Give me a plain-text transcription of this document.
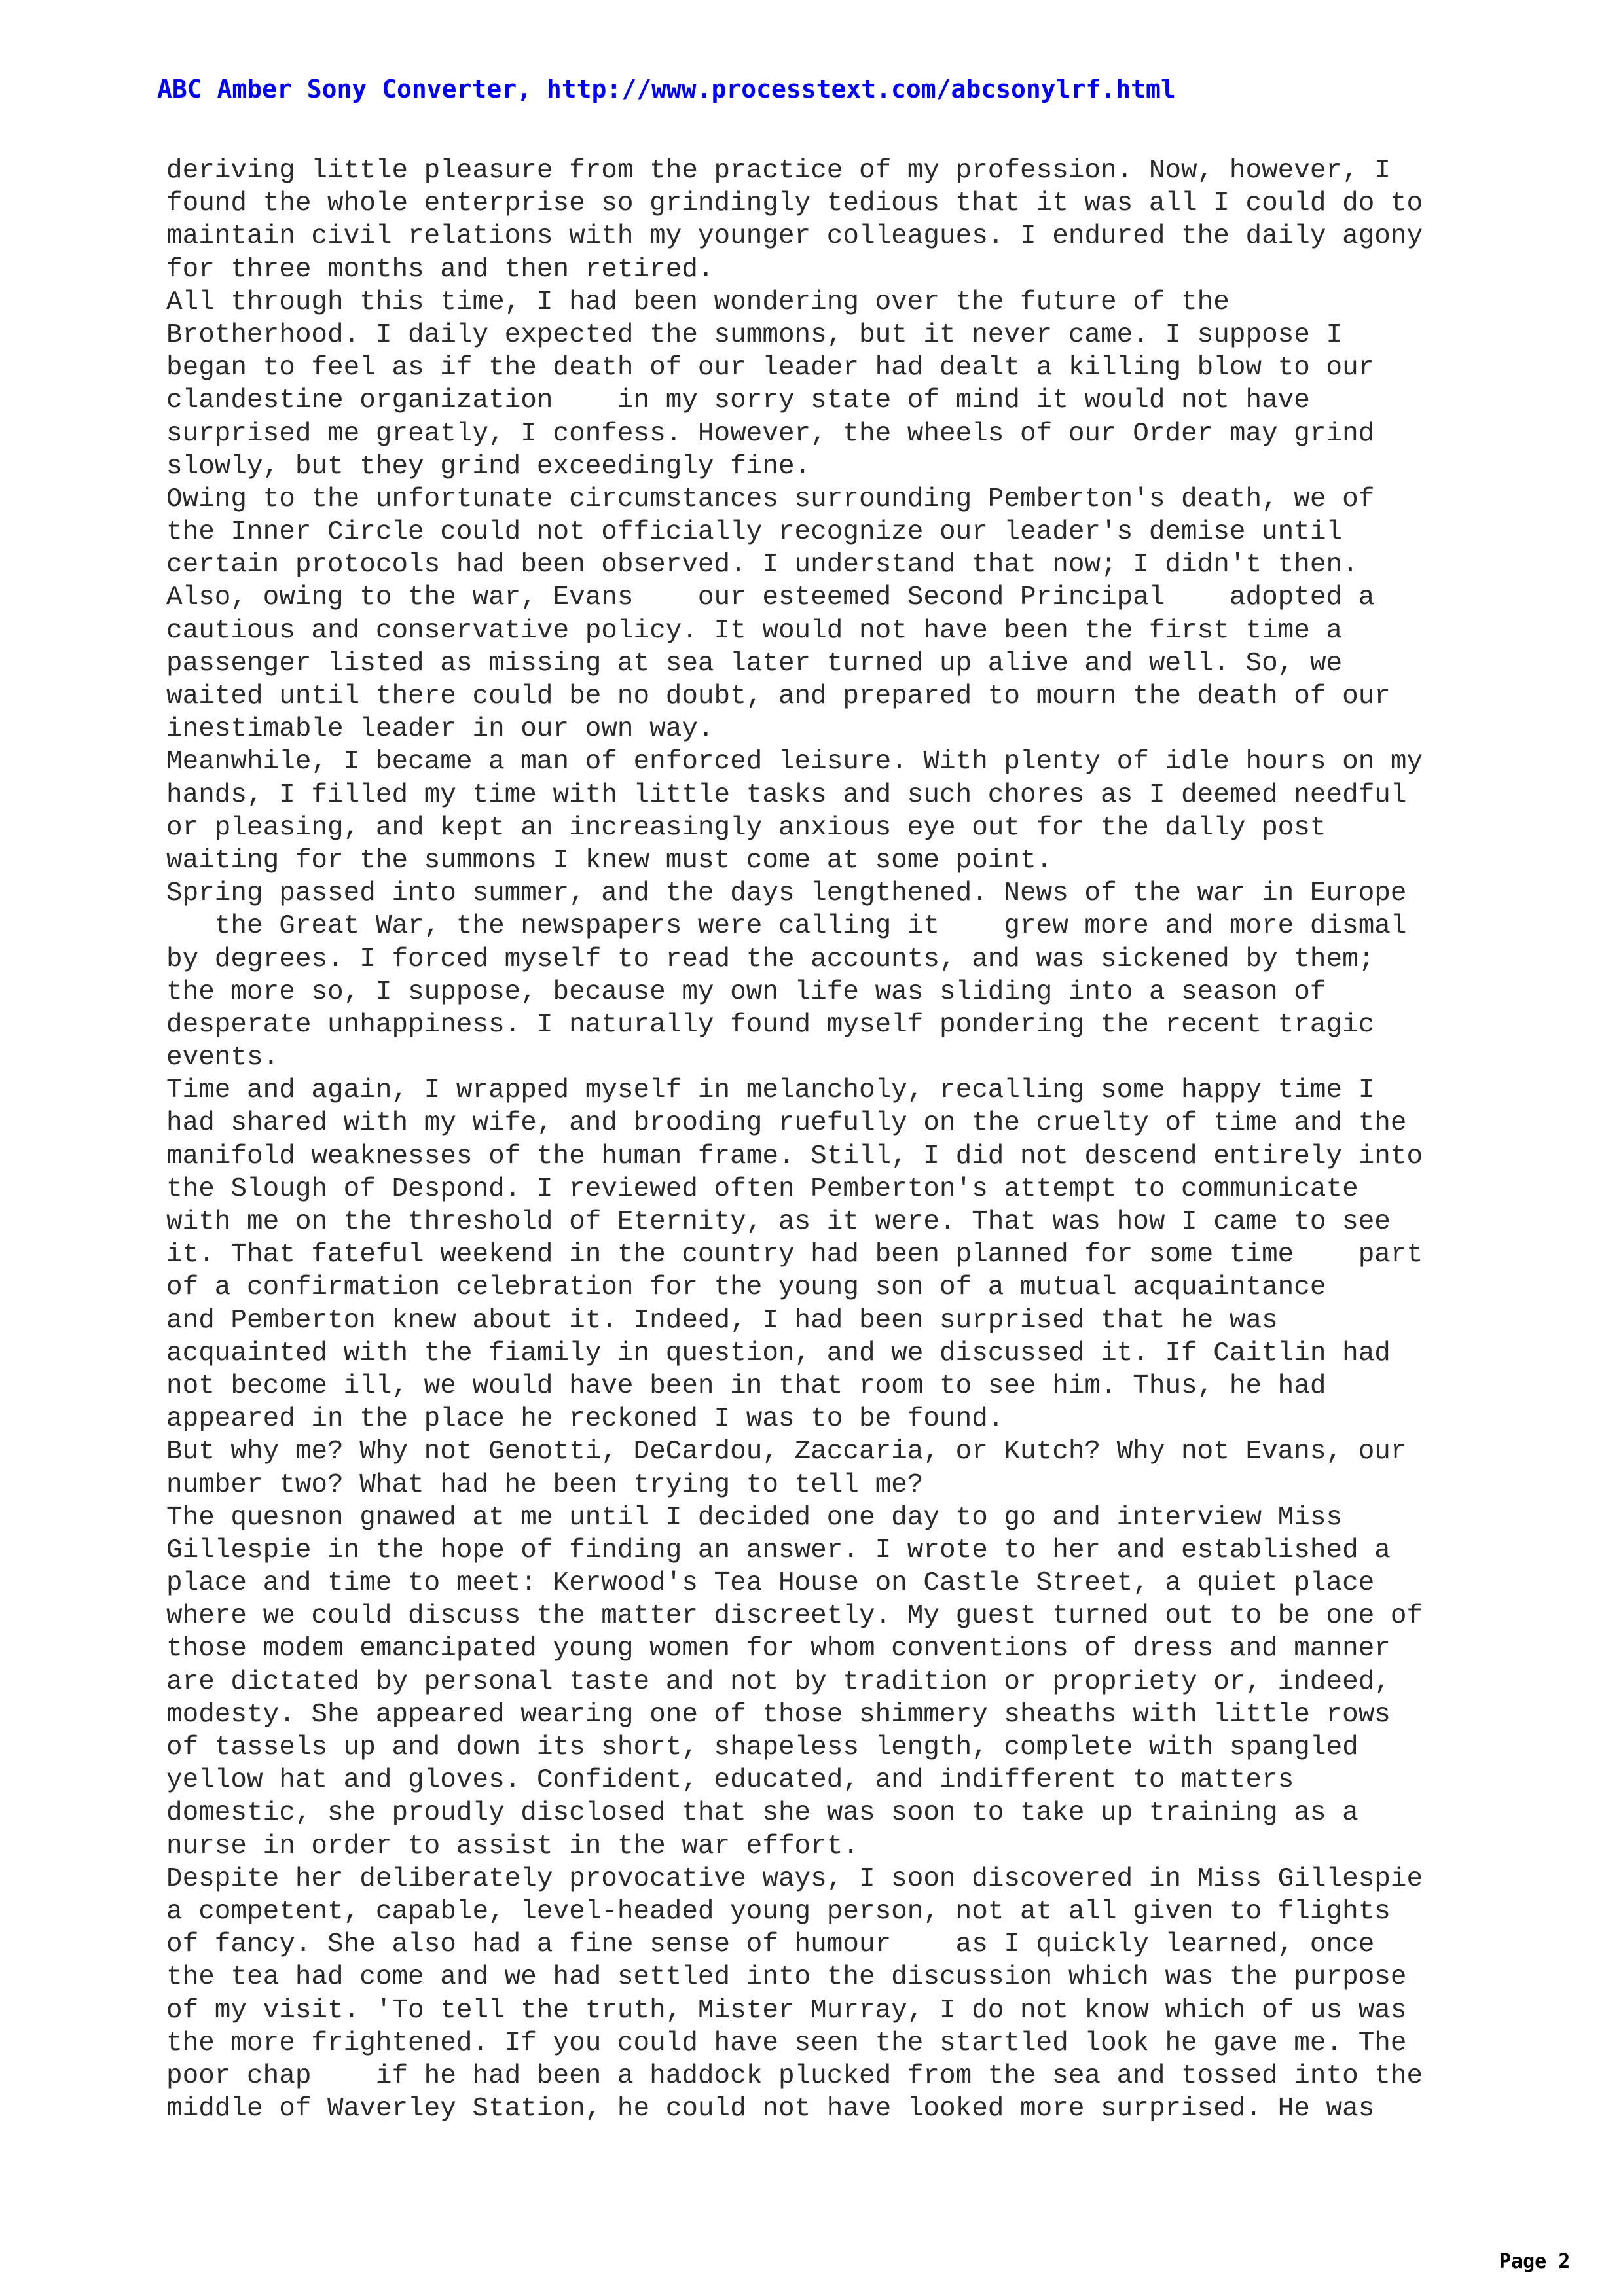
ABC Amber Sony Converter, http://www.processtext.com/abcsonylrf.html
deriving little pleasure from the practice of my profession. Now, however, I
found the whole enterprise so grindingly tedious that it was all I could do to
maintain civil relations with my younger colleagues. I endured the daily agony
for three months and then retired.
All through this time, I had been wondering over the future of the
Brotherhood. I daily expected the summons, but it never came. I suppose I
began to feel as if the death of our leader had dealt a killing blow to our
clandestine organization    in my sorry state of mind it would not have
surprised me greatly, I confess. However, the wheels of our Order may grind
slowly, but they grind exceedingly fine.
Owing to the unfortunate circumstances surrounding Pemberton's death, we of
the Inner Circle could not officially recognize our leader's demise until
certain protocols had been observed. I understand that now; I didn't then.
Also, owing to the war, Evans    our esteemed Second Principal    adopted a
cautious and conservative policy. It would not have been the first time a
passenger listed as missing at sea later turned up alive and well. So, we
waited until there could be no doubt, and prepared to mourn the death of our
inestimable leader in our own way.
Meanwhile, I became a man of enforced leisure. With plenty of idle hours on my
hands, I filled my time with little tasks and such chores as I deemed needful
or pleasing, and kept an increasingly anxious eye out for the dally post
waiting for the summons I knew must come at some point.
Spring passed into summer, and the days lengthened. News of the war in Europe
the Great War, the newspapers were calling it    grew more and more dismal
by degrees. I forced myself to read the accounts, and was sickened by them;
the more so, I suppose, because my own life was sliding into a season of
desperate unhappiness. I naturally found myself pondering the recent tragic
events.
Time and again, I wrapped myself in melancholy, recalling some happy time I
had shared with my wife, and brooding ruefully on the cruelty of time and the
manifold weaknesses of the human frame. Still, I did not descend entirely into
the Slough of Despond. I reviewed often Pemberton's attempt to communicate
with me on the threshold of Eternity, as it were. That was how I came to see
it. That fateful weekend in the country had been planned for some time    part
of a confirmation celebration for the young son of a mutual acquaintance
and Pemberton knew about it. Indeed, I had been surprised that he was
acquainted with the fiamily in question, and we discussed it. If Caitlin had
not become ill, we would have been in that room to see him. Thus, he had
appeared in the place he reckoned I was to be found.
But why me? Why not Genotti, DeCardou, Zaccaria, or Kutch? Why not Evans, our
number two? What had he been trying to tell me?
The quesnon gnawed at me until I decided one day to go and interview Miss
Gillespie in the hope of finding an answer. I wrote to her and established a
place and time to meet: Kerwood's Tea House on Castle Street, a quiet place
where we could discuss the matter discreetly. My guest turned out to be one of
those modem emancipated young women for whom conventions of dress and manner
are dictated by personal taste and not by tradition or propriety or, indeed,
modesty. She appeared wearing one of those shimmery sheaths with little rows
of tassels up and down its short, shapeless length, complete with spangled
yellow hat and gloves. Confident, educated, and indifferent to matters
domestic, she proudly disclosed that she was soon to take up training as a
nurse in order to assist in the war effort.
Despite her deliberately provocative ways, I soon discovered in Miss Gillespie
a competent, capable, level-headed young person, not at all given to flights
of fancy. She also had a fine sense of humour    as I quickly learned, once
the tea had come and we had settled into the discussion which was the purpose
of my visit. 'To tell the truth, Mister Murray, I do not know which of us was
the more frightened. If you could have seen the startled look he gave me. The
poor chap    if he had been a haddock plucked from the sea and tossed into the
middle of Waverley Station, he could not have looked more surprised. He was
Page 2
